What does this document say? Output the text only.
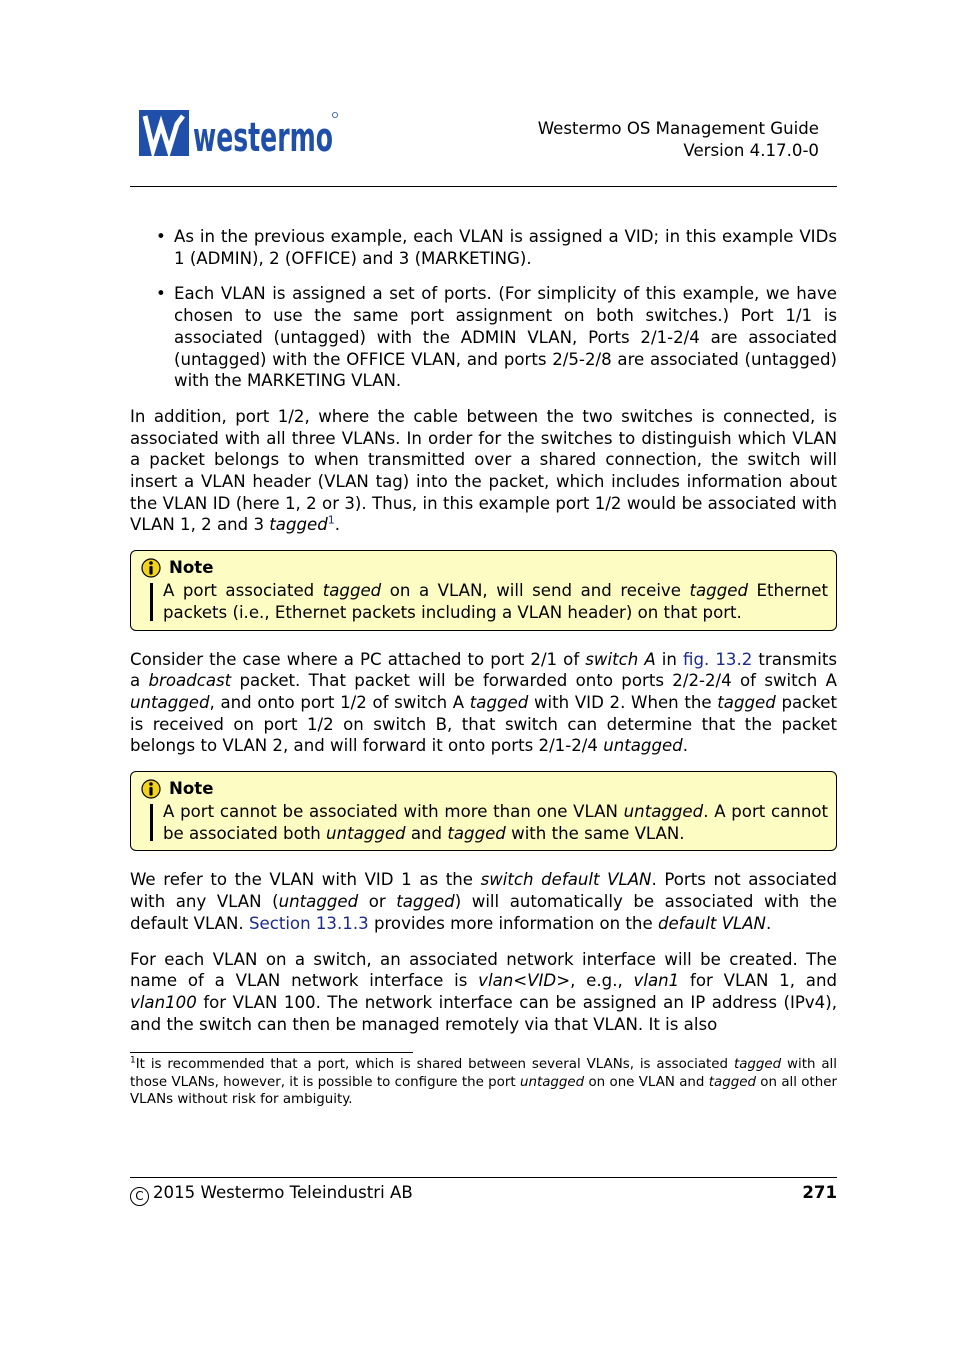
westermo	Westermo OS Management Guide
Version 4.17.0-0
• As in the previous example, each VLAN is assigned a VID; in this example VIDs 1 (ADMIN), 2 (OFFICE) and 3 (MARKETING).
• Each VLAN is assigned a set of ports. (For simplicity of this example, we have chosen to use the same port assignment on both switches.) Port 1/1 is associated (untagged) with the ADMIN VLAN, Ports 2/1-2/4 are associated (untagged) with the OFFICE VLAN, and ports 2/5-2/8 are associated (untagged) with the MARKETING VLAN.

In addition, port 1/2, where the cable between the two switches is connected, is associated with all three VLANs. In order for the switches to distinguish which VLAN a packet belongs to when transmitted over a shared connection, the switch will insert a VLAN header (VLAN tag) into the packet, which includes information about the VLAN ID (here 1, 2 or 3). Thus, in this example port 1/2 would be associated with VLAN 1, 2 and 3 tagged$^1$.

Note
A port associated tagged on a VLAN, will send and receive tagged Ethernet packets (i.e., Ethernet packets including a VLAN header) on that port.

Consider the case where a PC attached to port 2/1 of switch A in fig. 13.2 transmits a broadcast packet. That packet will be forwarded onto ports 2/2-2/4 of switch A untagged, and onto port 1/2 of switch A tagged with VID 2. When the tagged packet is received on port 1/2 on switch B, that switch can determine that the packet belongs to VLAN 2, and will forward it onto ports 2/1-2/4 untagged.

Note
A port cannot be associated with more than one VLAN untagged. A port cannot be associated both untagged and tagged with the same VLAN.

We refer to the VLAN with VID 1 as the switch default VLAN. Ports not associated with any VLAN (untagged or tagged) will automatically be associated with the default VLAN. Section 13.1.3 provides more information on the default VLAN.

For each VLAN on a switch, an associated network interface will be created. The name of a VLAN network interface is vlan<VID>, e.g., vlan1 for VLAN 1, and vlan100 for VLAN 100. The network interface can be assigned an IP address (IPv4), and the switch can then be managed remotely via that VLAN. It is also

$^1$It is recommended that a port, which is shared between several VLANs, is associated tagged with all those VLANs, however, it is possible to configure the port untagged on one VLAN and tagged on all other VLANs without risk for ambiguity.
C 2015 Westermo Teleindustri AB	271
